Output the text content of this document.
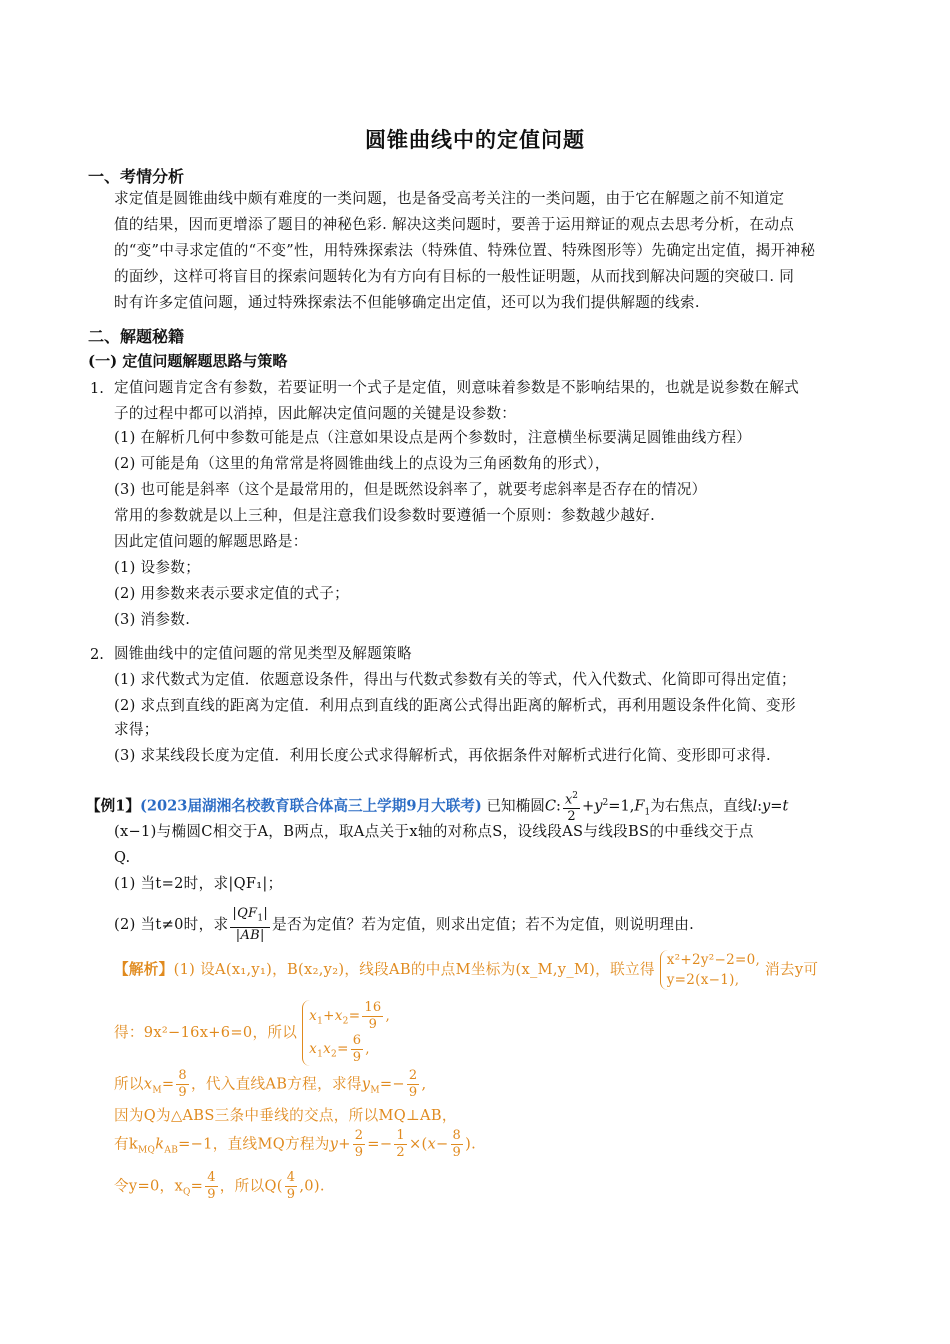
圆锥曲线中的定值问题
一、考情分析
求定值是圆锥曲线中颇有难度的一类问题，也是备受高考关注的一类问题，由于它在解题之前不知道定
值的结果，因而更增添了题目的神秘色彩. 解决这类问题时，要善于运用辩证的观点去思考分析，在动点
的“变”中寻求定值的“不变”性，用特殊探索法（特殊值、特殊位置、特殊图形等）先确定出定值，揭开神秘
的面纱，这样可将盲目的探索问题转化为有方向有目标的一般性证明题，从而找到解决问题的突破口. 同
时有许多定值问题，通过特殊探索法不但能够确定出定值，还可以为我们提供解题的线索.
二、解题秘籍
(一) 定值问题解题思路与策略
1. 定值问题肯定含有参数，若要证明一个式子是定值，则意味着参数是不影响结果的，也就是说参数在解式
子的过程中都可以消掉，因此解决定值问题的关键是设参数：
(1) 在解析几何中参数可能是点（注意如果设点是两个参数时，注意横坐标要满足圆锥曲线方程）
(2) 可能是角（这里的角常常是将圆锥曲线上的点设为三角函数角的形式），
(3) 也可能是斜率（这个是最常用的，但是既然设斜率了，就要考虑斜率是否存在的情况）
常用的参数就是以上三种，但是注意我们设参数时要遵循一个原则：参数越少越好.
因此定值问题的解题思路是：
(1) 设参数；
(2) 用参数来表示要求定值的式子；
(3) 消参数.
2. 圆锥曲线中的定值问题的常见类型及解题策略
(1) 求代数式为定值．依题意设条件，得出与代数式参数有关的等式，代入代数式、化简即可得出定值；
(2) 求点到直线的距离为定值．利用点到直线的距离公式得出距离的解析式，再利用题设条件化简、变形
求得；
(3) 求某线段长度为定值．利用长度公式求得解析式，再依据条件对解析式进行化简、变形即可求得.
【例1】(2023届湖湘名校教育联合体高三上学期9月大联考) 已知椭圆C: $\frac{x^2}{2} +y^2=1,F_1$为右焦点，直线l:y=t
(x−1)与椭圆C相交于A，B两点，取A点关于x轴的对称点S，设线段AS与线段BS的中垂线交于点
Q.
(1) 当t=2时，求|QF₁|；
(2) 当t≠0时，求 $\frac{|QF_1|}{|AB|}$ 是否为定值？若为定值，则求出定值；若不为定值，则说明理由.
【解析】(1) 设A(x₁,y₁)，B(x₂,y₂)，线段AB的中点M坐标为(x_M,y_M)，联立得
x²+2y²−2=0,
y=2(x−1),
消去y可
得：9x²−16x+6=0，所以
$x_1+x_2= \frac{16}{9}$ ,
$x_1x_2= \frac{6}{9}$ ,
所以$x_M= \frac{8}{9}$ ，代入直线AB方程，求得$y_M=- \frac{2}{9}$ ,
因为Q为△ABS三条中垂线的交点，所以MQ⊥AB，
有$k_{MQ}k_{AB}=-1$，直线MQ方程为$y+ \frac{2}{9} =- \frac{1}{2} \times(x- \frac{8}{9}$ ).
令y=0，$x_Q= \frac{4}{9}$ ，所以$Q( \frac{4}{9} ,0)$.
